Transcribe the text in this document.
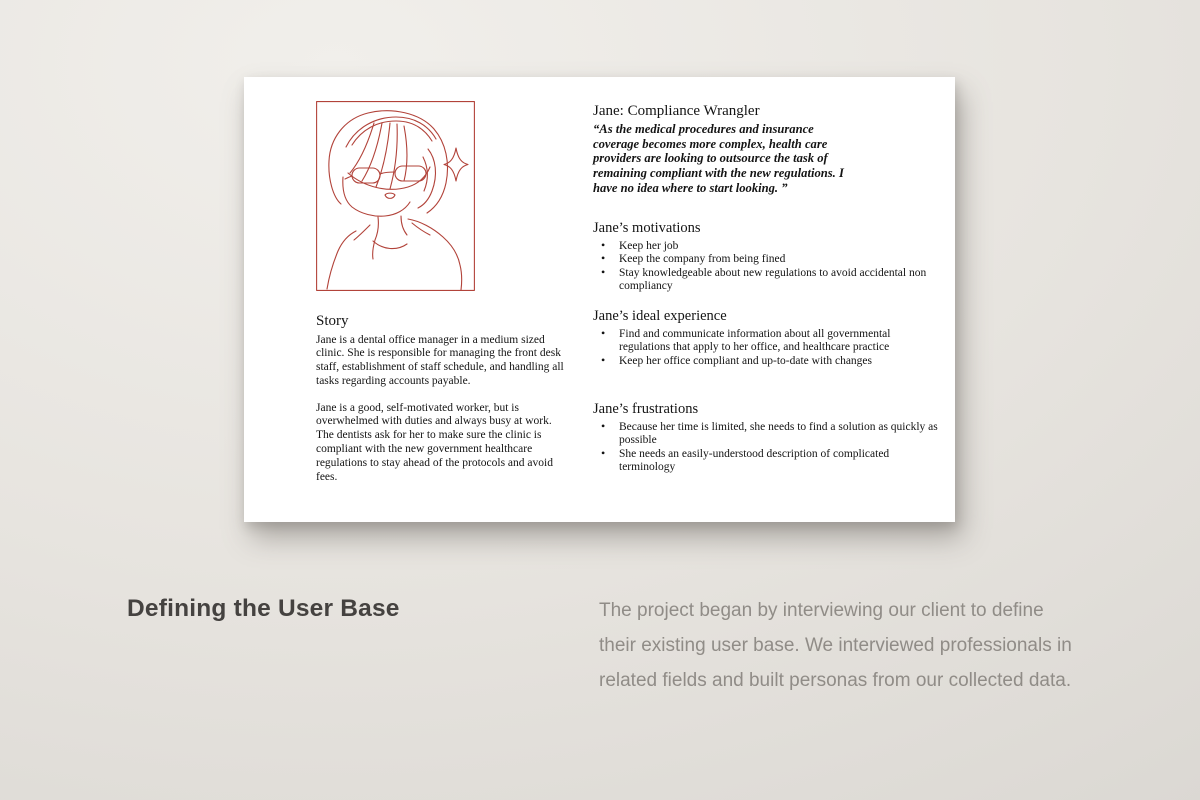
Jane: Compliance Wrangler

“As the medical procedures and insurance coverage becomes more complex, health care providers are looking to outsource the task of remaining compliant with the new regulations. I have no idea where to start looking. ”

Story

Jane is a dental office manager in a medium sized clinic. She is responsible for managing the front desk staff, establishment of staff schedule, and handling all tasks regarding accounts payable.

Jane is a good, self-motivated worker, but is overwhelmed with duties and always busy at work. The dentists ask for her to make sure the clinic is compliant with the new government healthcare regulations to stay ahead of the protocols and avoid fees.

Jane’s motivations
• Keep her job
• Keep the company from being fined
• Stay knowledgeable about new regulations to avoid accidental non compliancy
Jane’s ideal experience
• Find and communicate information about all governmental regulations that apply to her office, and healthcare practice
• Keep her office compliant and up-to-date with changes
Jane’s frustrations
• Because her time is limited, she needs to find a solution as quickly as possible
• She needs an easily-understood description of complicated terminology
Defining the User Base	The project began by interviewing our client to define their existing user base. We interviewed professionals in related fields and built personas from our collected data.
